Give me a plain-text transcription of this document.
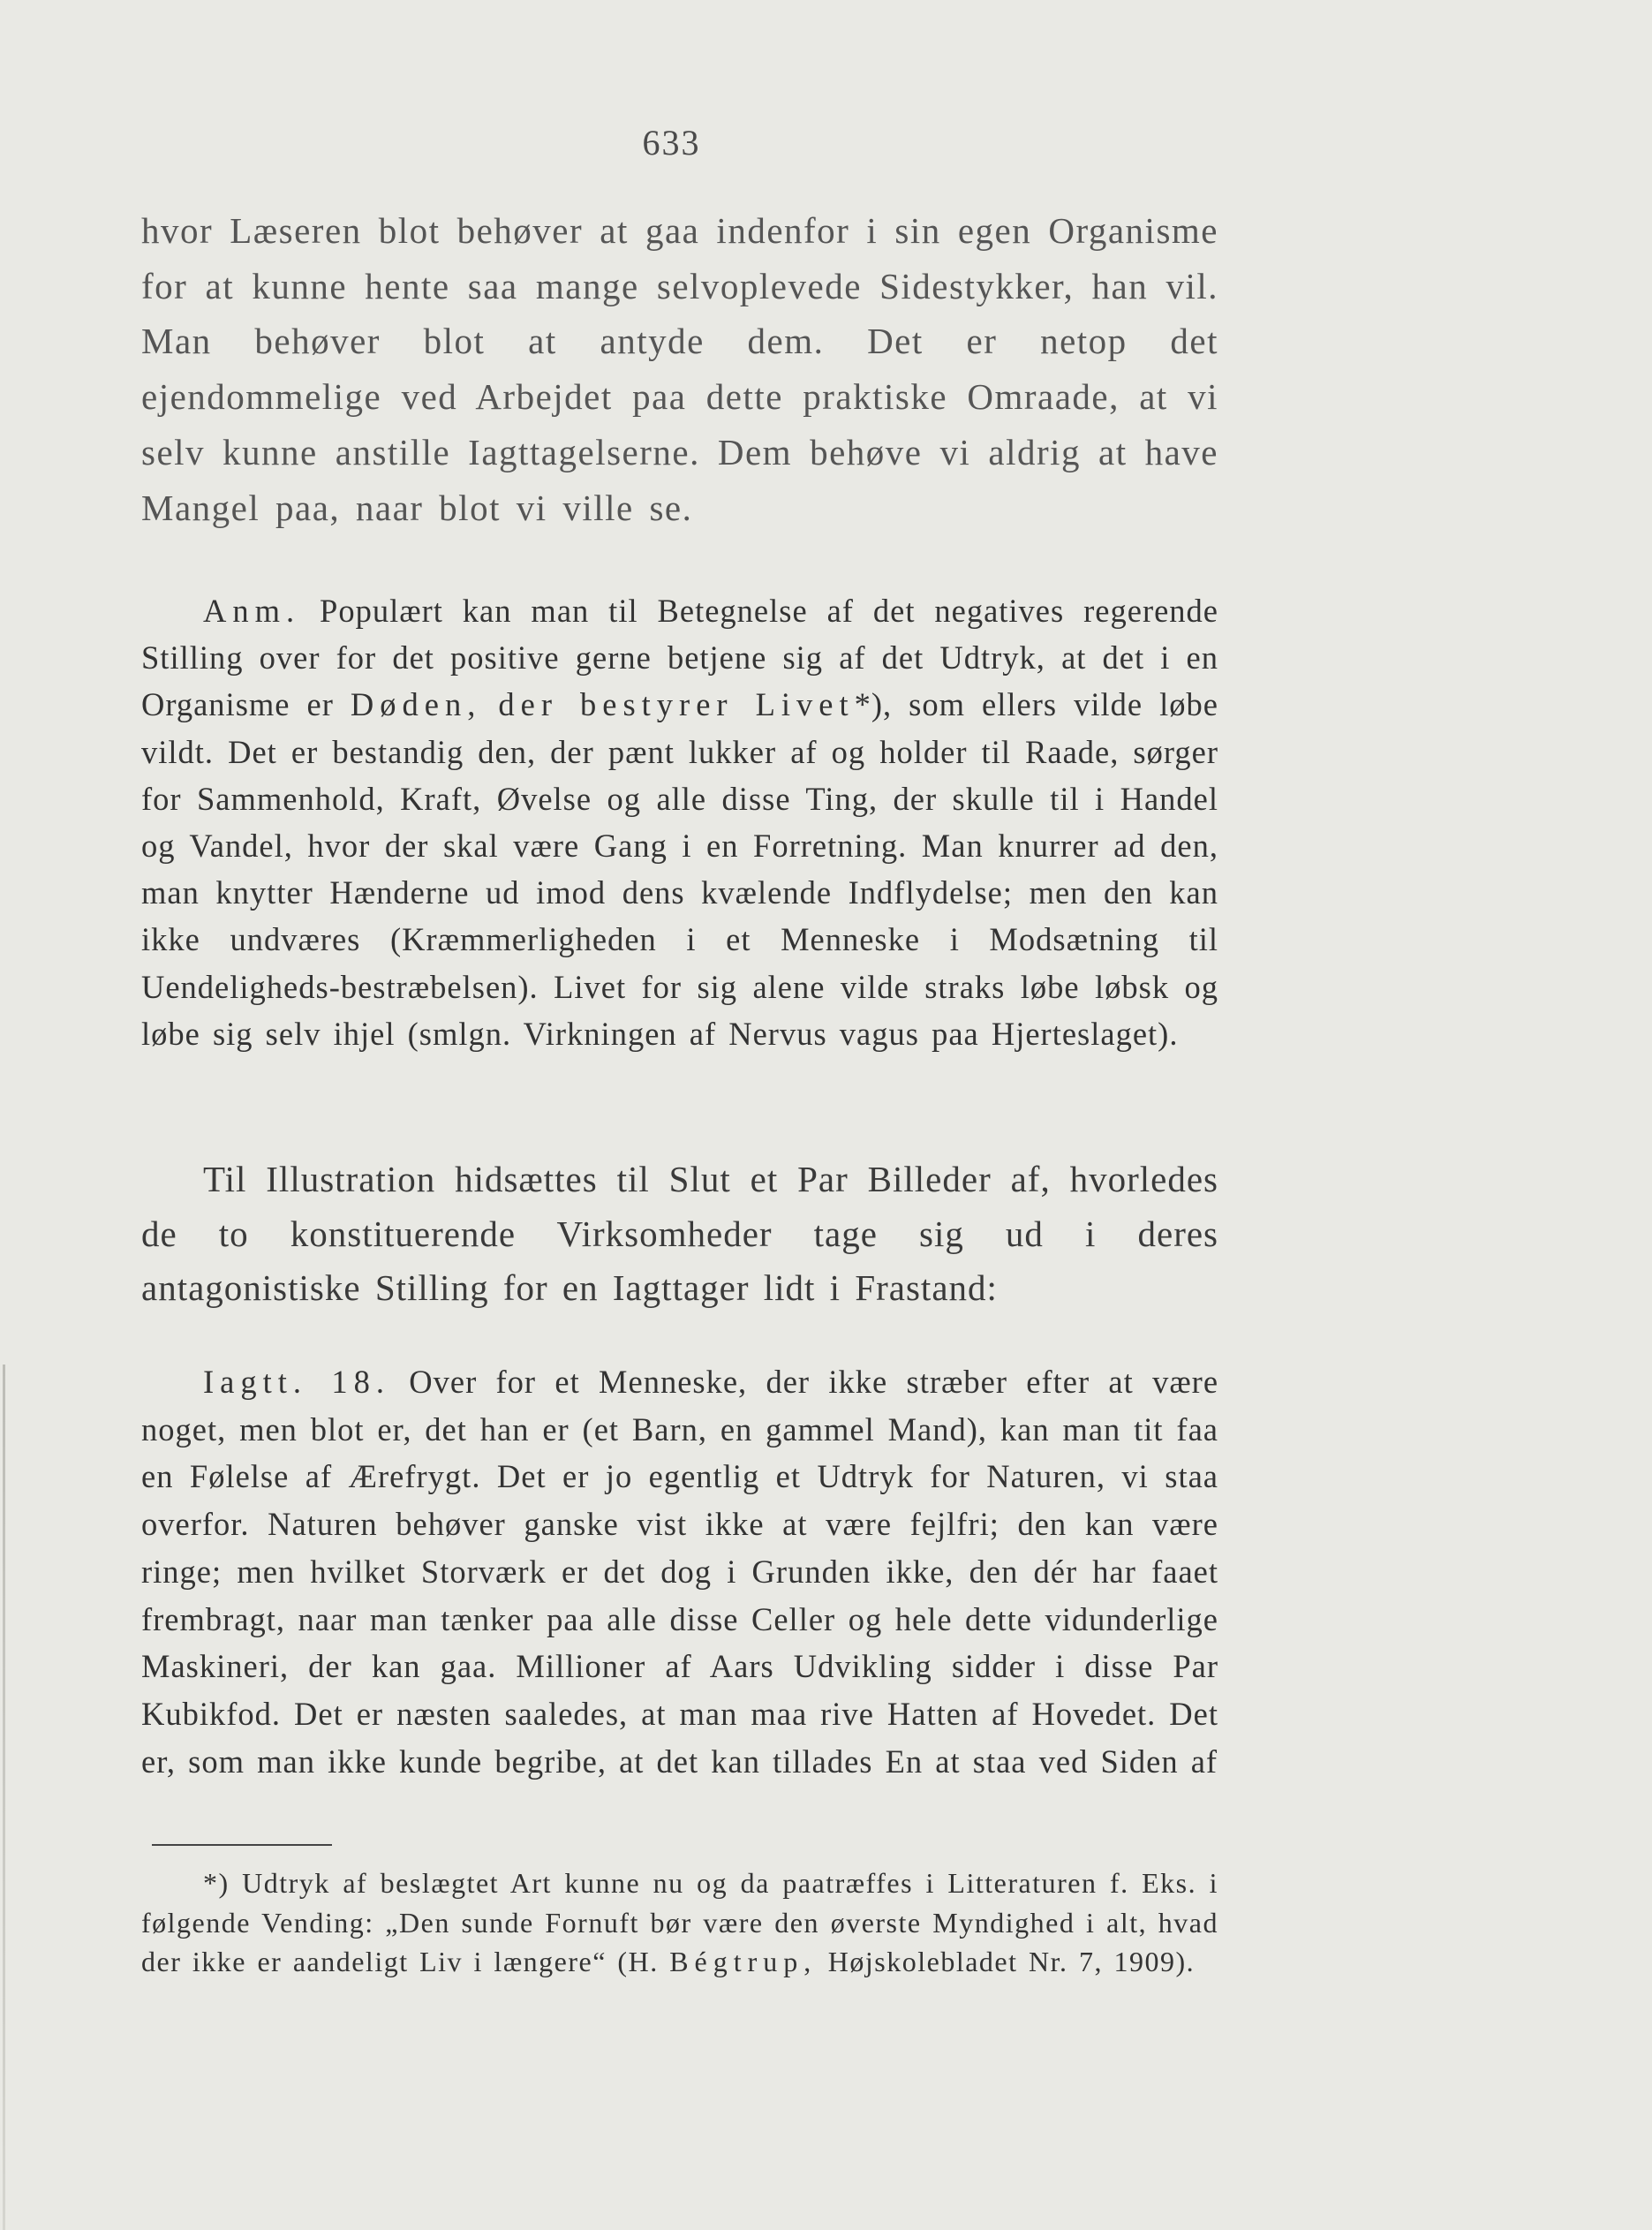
633

hvor Læseren blot behøver at gaa indenfor i sin egen Organisme for at kunne hente saa mange selvoplevede Sidestykker, han vil. Man behøver blot at antyde dem. Det er netop det ejendommelige ved Arbejdet paa dette praktiske Omraade, at vi selv kunne anstille Iagttagelserne. Dem behøve vi aldrig at have Mangel paa, naar blot vi ville se.

Anm. Populært kan man til Betegnelse af det negatives regerende Stilling over for det positive gerne betjene sig af det Udtryk, at det i en Organisme er Døden, der bestyrer Livet*), som ellers vilde løbe vildt. Det er bestandig den, der pænt lukker af og holder til Raade, sørger for Sammenhold, Kraft, Øvelse og alle disse Ting, der skulle til i Handel og Vandel, hvor der skal være Gang i en Forretning. Man knurrer ad den, man knytter Hænderne ud imod dens kvælende Indflydelse; men den kan ikke undværes (Kræmmerligheden i et Menneske i Modsætning til Uendeligheds-bestræbelsen). Livet for sig alene vilde straks løbe løbsk og løbe sig selv ihjel (smlgn. Virkningen af Nervus vagus paa Hjerteslaget).

Til Illustration hidsættes til Slut et Par Billeder af, hvorledes de to konstituerende Virksomheder tage sig ud i deres antagonistiske Stilling for en Iagttager lidt i Frastand:

Iagtt. 18. Over for et Menneske, der ikke stræber efter at være noget, men blot er, det han er (et Barn, en gammel Mand), kan man tit faa en Følelse af Ærefrygt. Det er jo egentlig et Udtryk for Naturen, vi staa overfor. Naturen behøver ganske vist ikke at være fejlfri; den kan være ringe; men hvilket Storværk er det dog i Grunden ikke, den dér har faaet frembragt, naar man tænker paa alle disse Celler og hele dette vidunderlige Maskineri, der kan gaa. Millioner af Aars Udvikling sidder i disse Par Kubikfod. Det er næsten saaledes, at man maa rive Hatten af Hovedet. Det er, som man ikke kunde begribe, at det kan tillades En at staa ved Siden af

*) Udtryk af beslægtet Art kunne nu og da paatræffes i Litteraturen f. Eks. i følgende Vending: „Den sunde Fornuft bør være den øverste Myndighed i alt, hvad der ikke er aandeligt Liv i længere“ (H. Bégtrup, Højskolebladet Nr. 7, 1909).
